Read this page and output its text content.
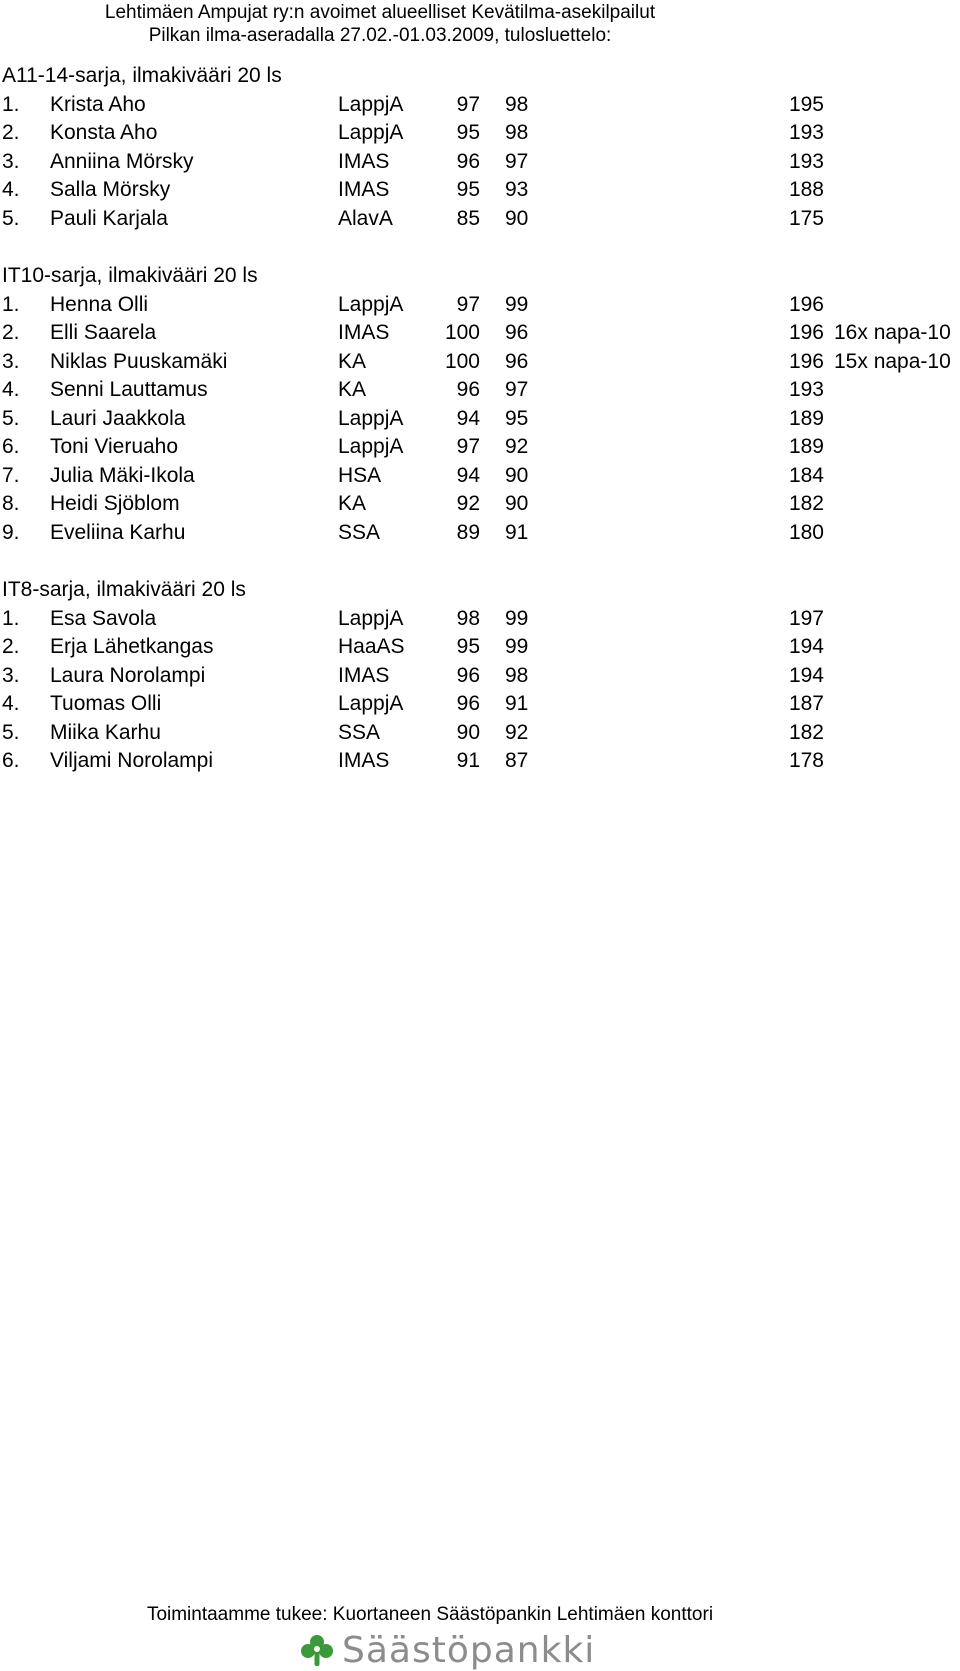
Lehtimäen Ampujat ry:n avoimet alueelliset Kevätilma-asekilpailut
Pilkan ilma-aseradalla 27.02.-01.03.2009, tulosluettelo:
A11-14-sarja, ilmakivääri 20 ls
1. Krista Aho	LappjA	97 98	195
2. Konsta Aho	LappjA	95 98	193
3. Anniina Mörsky	IMAS	96 97	193
4. Salla Mörsky	IMAS	95 93	188
5. Pauli Karjala	AlavA	85 90	175
IT10-sarja, ilmakivääri 20 ls
1. Henna Olli	LappjA	97 99	196
2. Elli Saarela	IMAS	100 96	196 16x napa-10
3. Niklas Puuskamäki	KA	100 96	196 15x napa-10
4. Senni Lauttamus	KA	96 97	193
5. Lauri Jaakkola	LappjA	94 95	189
6. Toni Vieruaho	LappjA	97 92	189
7. Julia Mäki-Ikola	HSA	94 90	184
8. Heidi Sjöblom	KA	92 90	182
9. Eveliina Karhu	SSA	89 91	180
IT8-sarja, ilmakivääri 20 ls
1. Esa Savola	LappjA	98 99	197
2. Erja Lähetkangas	HaaAS	95 99	194
3. Laura Norolampi	IMAS	96 98	194
4. Tuomas Olli	LappjA	96 91	187
5. Miika Karhu	SSA	90 92	182
6. Viljami Norolampi	IMAS	91 87	178
Toimintaamme tukee: Kuortaneen Säästöpankin Lehtimäen konttori
Säästöpankki
